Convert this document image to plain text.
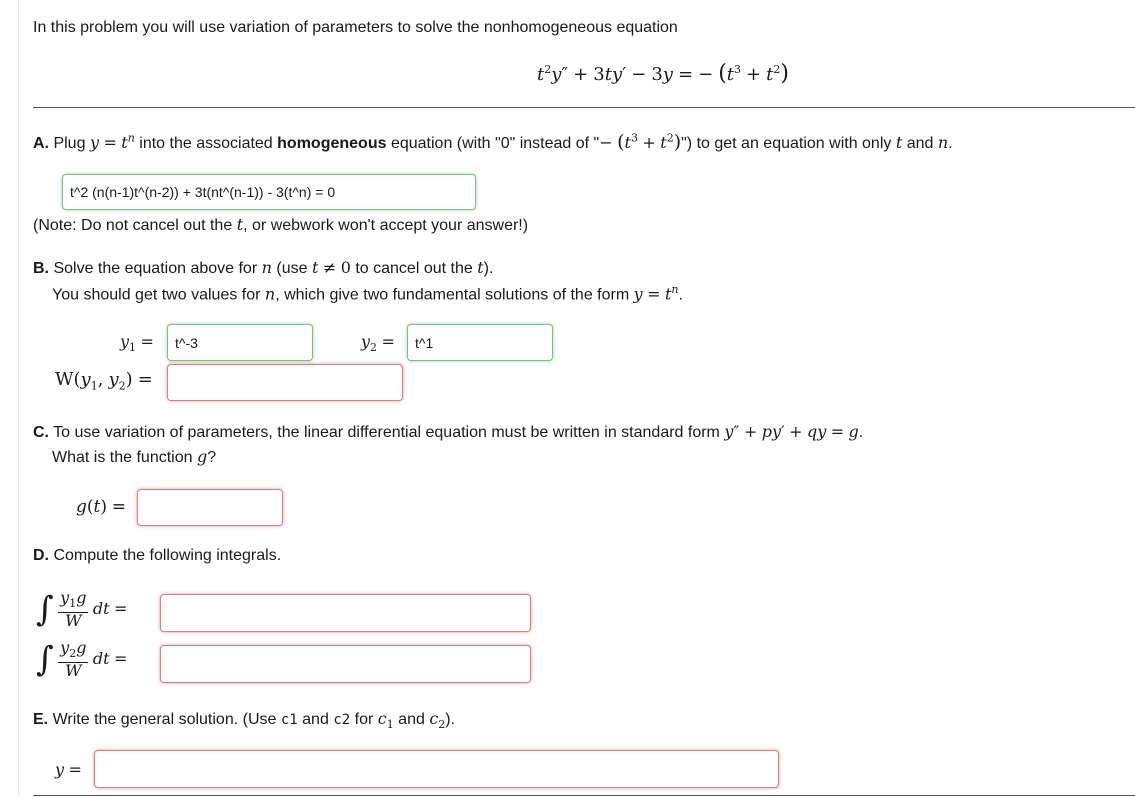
In this problem you will use variation of parameters to solve the nonhomogeneous equation
$t^2y'' + 3ty' - 3y$ = − $(t^3 + t^2)$
A. Plug $y = t^n$ into the associated homogeneous equation (with "0" instead of "− ($t^3$ + $t^2$)") to get an equation with only t and n.
t^2 (n(n-1)t^(n-2)) + 3t(nt^(n-1)) - 3(t^n) = 0
(Note: Do not cancel out the t, or webwork won't accept your answer!)
B. Solve the equation above for n (use t ≠ 0 to cancel out the t).
You should get two values for n, which give two fundamental solutions of the form $y = t^n$.
$y_1$ = t^-3	$y_2$ = t^1
$W(y_1$, $y_2$) =
C. To use variation of parameters, the linear differential equation must be written in standard form y″ + py′ + qy = g.
What is the function g?
g(t) =
D. Compute the following integrals.
∫ $\frac{y_1g}{W}$ dt =
∫ $\frac{y_2g}{W}$ dt =
E. Write the general solution. (Use c1 and c2 for $c_1$ and $c_2$).
y =
